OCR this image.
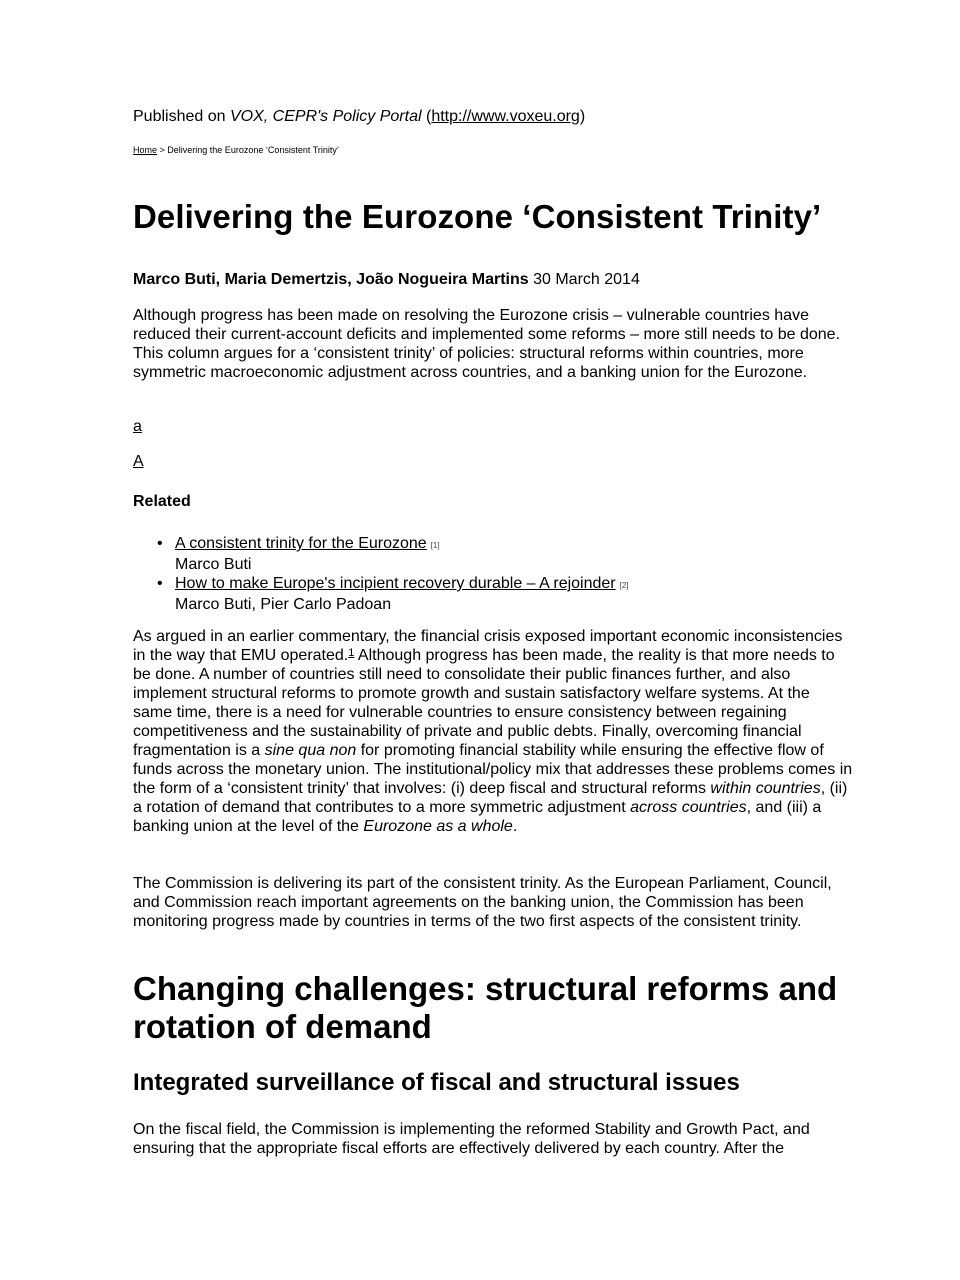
Published on VOX, CEPR's Policy Portal (http://www.voxeu.org)
Home > Delivering the Eurozone ‘Consistent Trinity’
Delivering the Eurozone ‘Consistent Trinity’
Marco Buti, Maria Demertzis, João Nogueira Martins 30 March 2014

Although progress has been made on resolving the Eurozone crisis – vulnerable countries have reduced their current-account deficits and implemented some reforms – more still needs to be done. This column argues for a ‘consistent trinity’ of policies: structural reforms within countries, more symmetric macroeconomic adjustment across countries, and a banking union for the Eurozone.

a
A
Related
• A consistent trinity for the Eurozone [1]
Marco Buti
• How to make Europe's incipient recovery durable – A rejoinder [2]
Marco Buti, Pier Carlo Padoan

As argued in an earlier commentary, the financial crisis exposed important economic inconsistencies in the way that EMU operated.$^1$ Although progress has been made, the reality is that more needs to be done. A number of countries still need to consolidate their public finances further, and also implement structural reforms to promote growth and sustain satisfactory welfare systems. At the same time, there is a need for vulnerable countries to ensure consistency between regaining competitiveness and the sustainability of private and public debts. Finally, overcoming financial fragmentation is a sine qua non for promoting financial stability while ensuring the effective flow of funds across the monetary union. The institutional/policy mix that addresses these problems comes in the form of a ‘consistent trinity’ that involves: (i) deep fiscal and structural reforms within countries, (ii) a rotation of demand that contributes to a more symmetric adjustment across countries, and (iii) a banking union at the level of the Eurozone as a whole.

The Commission is delivering its part of the consistent trinity. As the European Parliament, Council, and Commission reach important agreements on the banking union, the Commission has been monitoring progress made by countries in terms of the two first aspects of the consistent trinity.

Changing challenges: structural reforms and rotation of demand
Integrated surveillance of fiscal and structural issues

On the fiscal field, the Commission is implementing the reformed Stability and Growth Pact, and ensuring that the appropriate fiscal efforts are effectively delivered by each country. After the
